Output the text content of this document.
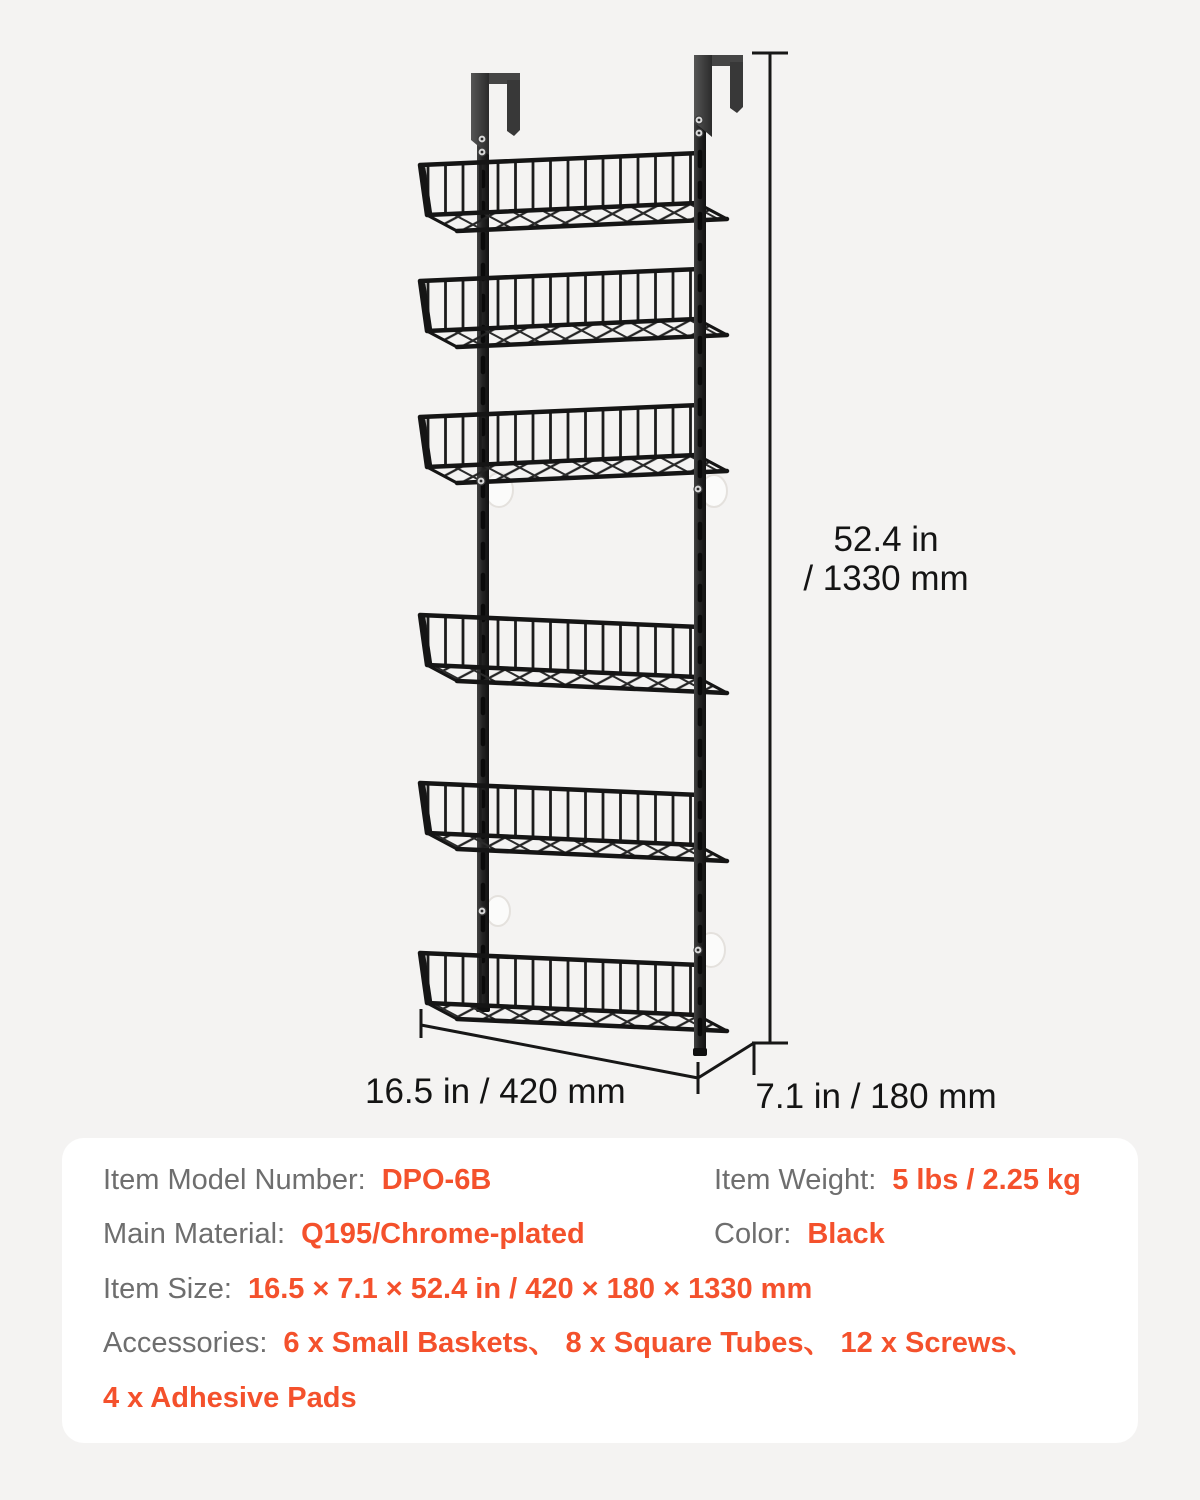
52.4 in
/ 1330 mm
16.5 in / 420 mm	7.1 in / 180 mm
Item Model Number: DPO-6B	Item Weight: 5 lbs / 2.25 kg
Main Material: Q195/Chrome-plated	Color: Black
Item Size: 16.5 × 7.1 × 52.4 in / 420 × 180 × 1330 mm
Accessories: 6 x Small Baskets、 8 x Square Tubes、 12 x Screws、
4 x Adhesive Pads
